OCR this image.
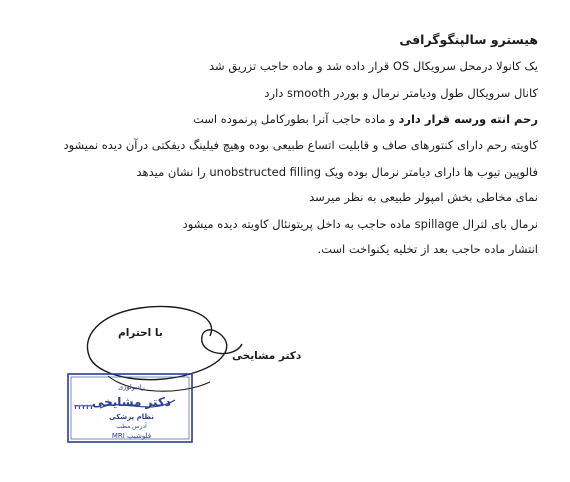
هیسترو سالپنگوگرافی
یک کانولا درمحل سرویکال OS قرار داده شد و ماده حاجب تزریق شد
کانال سرویکال طول ودیامتر نرمال و بوردر smooth دارد
رحم انته ورسه قرار دارد و ماده حاجب آنرا بطورکامل پرنموده است
کاویته رحم دارای کنتورهای صاف و قابلیت اتساع طبیعی بوده وهیچ فیلینگ دیفکتی درآن دیده نمیشود
فالوپین تیوب ها دارای دیامتر نرمال بوده ویک unobstructed filling را نشان میدهد
نمای مخاطی بخش امپولر طبیعی به نظر میرسد
نرمال بای لترال spillage ماده حاجب به داخل پریتونئال کاویته دیده میشود
انتشار ماده حاجب بعد از تخلیه یکنواخت است.
با احترام
دکتر مشایخی
رادیولوژی
دکتر مشایخی
۳۲۳۳۲
نظام پزشکی
آدرس مطب
فلوشیپ MRI
